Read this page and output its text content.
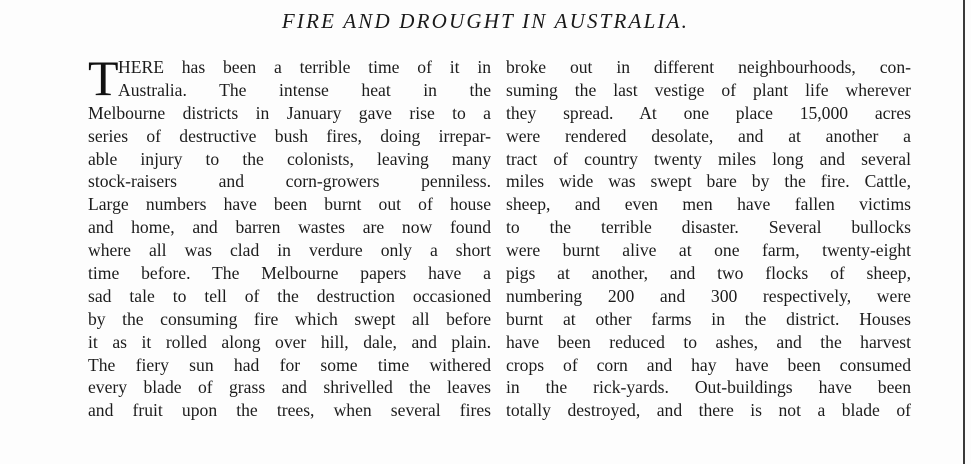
FIRE AND DROUGHT IN AUSTRALIA.
T HERE has been a terrible time of it in
Australia. The intense heat in the
Melbourne districts in January gave rise to a
series of destructive bush fires, doing irrepar-
able injury to the colonists, leaving many
stock-raisers and corn-growers penniless.
Large numbers have been burnt out of house
and home, and barren wastes are now found
where all was clad in verdure only a short
time before. The Melbourne papers have a
sad tale to tell of the destruction occasioned
by the consuming fire which swept all before
it as it rolled along over hill, dale, and plain.
The fiery sun had for some time withered
every blade of grass and shrivelled the leaves
and fruit upon the trees, when several fires
broke out in different neighbourhoods, con-
suming the last vestige of plant life wherever
they spread. At one place 15,000 acres
were rendered desolate, and at another a
tract of country twenty miles long and several
miles wide was swept bare by the fire. Cattle,
sheep, and even men have fallen victims
to the terrible disaster. Several bullocks
were burnt alive at one farm, twenty-eight
pigs at another, and two flocks of sheep,
numbering 200 and 300 respectively, were
burnt at other farms in the district. Houses
have been reduced to ashes, and the harvest
crops of corn and hay have been consumed
in the rick-yards. Out-buildings have been
totally destroyed, and there is not a blade of
